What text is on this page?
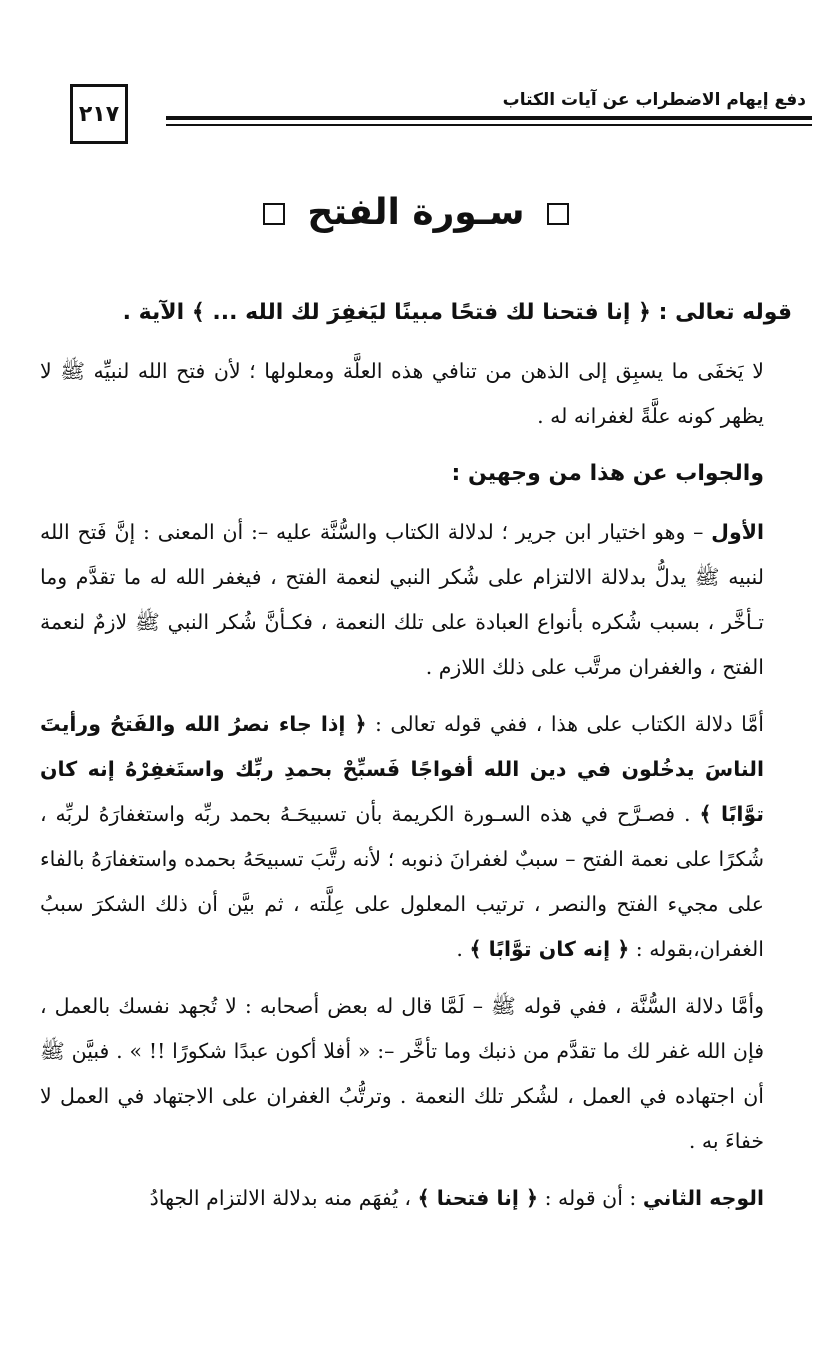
٢١٧
دفع إيهام الاضطراب عن آيات الكتاب
سـورة الفتح

قوله تعالى : ﴿ إنا فتحنا لك فتحًا مبينًا ليَغفِرَ لك الله ... ﴾ الآية .

لا يَخفَى ما يسبِق إلى الذهن من تنافي هذه العلَّة ومعلولها ؛ لأن فتح الله لنبيِّه ﷺ لا يظهر كونه علَّةً لغفرانه له .

والجواب عن هذا من وجهين :

الأول – وهو اختيار ابن جرير ؛ لدلالة الكتاب والسُّنَّة عليه –: أن المعنى : إنَّ فَتح الله لنبيه ﷺ يدلُّ بدلالة الالتزام على شُكر النبي لنعمة الفتح ، فيغفر الله له ما تقدَّم وما تـأخَّر ، بسبب شُكره بأنواع العبادة على تلك النعمة ، فكـأنَّ شُكر النبي ﷺ لازمٌ لنعمة الفتح ، والغفران مرتَّب على ذلك اللازم .

أمَّا دلالة الكتاب على هذا ، ففي قوله تعالى : ﴿ إذا جاء نصرُ الله والفَتحُ ورأيتَ الناسَ يدخُلون في دين الله أفواجًا فَسبِّحْ بحمدِ ربِّك واستَغفِرْهُ إنه كان توَّابًا ﴾ . فصـرَّح في هذه السـورة الكريمة بأن تسبيحَـهُ بحمد ربِّه واستغفارَهُ لربِّه ، شُكرًا على نعمة الفتح – سببٌ لغفرانَ ذنوبه ؛ لأنه رتَّبَ تسبيحَهُ بحمده واستغفارَهُ بالفاء على مجيء الفتح والنصر ، ترتيب المعلول على عِلَّته ، ثم بيَّن أن ذلك الشكرَ سببُ الغفران،بقوله : ﴿ إنه كان توَّابًا ﴾ .

وأمَّا دلالة السُّنَّة ، ففي قوله ﷺ – لَمَّا قال له بعض أصحابه : لا تُجهد نفسك بالعمل ، فإن الله غفر لك ما تقدَّم من ذنبك وما تأخَّر –: « أفلا أكون عبدًا شكورًا !! » . فبيَّن ﷺ أن اجتهاده في العمل ، لشُكر تلك النعمة . وترتُّبُ الغفران على الاجتهاد في العمل لا خفاءَ به .

الوجه الثاني : أن قوله : ﴿ إنا فتحنا ﴾ ، يُفهَم منه بدلالة الالتزام الجهادُ
